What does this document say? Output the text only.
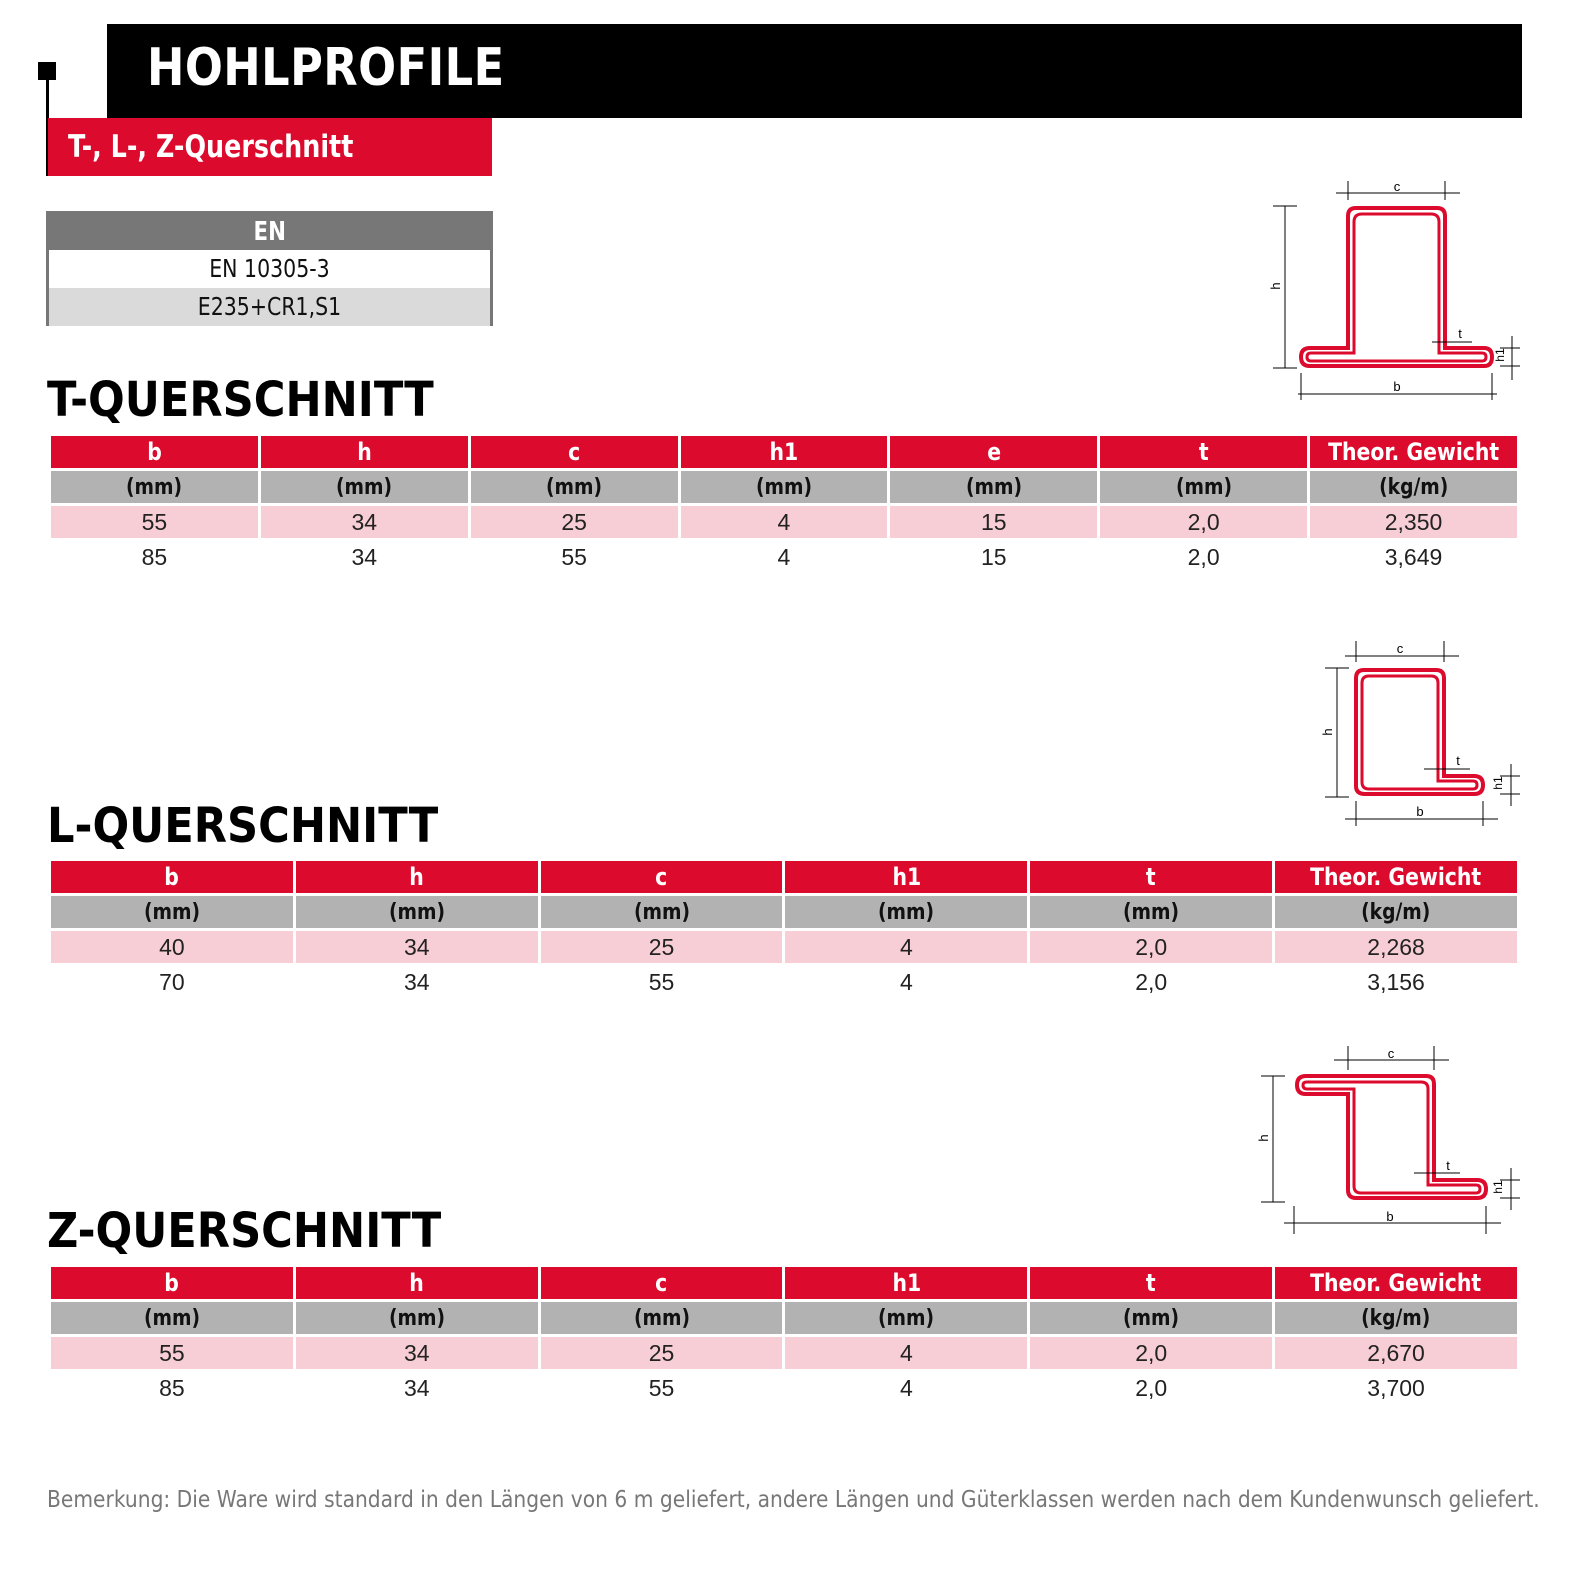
HOHLPROFILE
T-, L-, Z-Querschnitt
EN
EN 10305-3
E235+CR1,S1
T-QUERSCHNITT
c
b
h
t
h1
b	h	c	h1	e	t	Theor. Gewicht
(mm)	(mm)	(mm)	(mm)	(mm)	(mm)	(kg/m)
55	34	25	4	15	2,0	2,350
85	34	55	4	15	2,0	3,649
L-QUERSCHNITT
c
b
h
t
h1
b	h	c	h1	t	Theor. Gewicht
(mm)	(mm)	(mm)	(mm)	(mm)	(kg/m)
40	34	25	4	2,0	2,268
70	34	55	4	2,0	3,156
Z-QUERSCHNITT
c
b
h
t
h1
b	h	c	h1	t	Theor. Gewicht
(mm)	(mm)	(mm)	(mm)	(mm)	(kg/m)
55	34	25	4	2,0	2,670
85	34	55	4	2,0	3,700
Bemerkung: Die Ware wird standard in den Längen von 6 m geliefert, andere Längen und Güterklassen werden nach dem Kundenwunsch geliefert.
